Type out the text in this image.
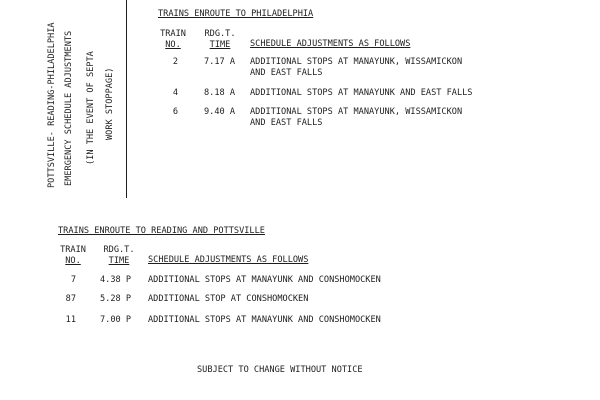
POTTSVILLE- READING-PHILADELPHIA EMERGENCY SCHEDULE ADJUSTMENTS (IN THE EVENT OF SEPTA WORK STOPPAGE)
TRAINS ENROUTE TO PHILADELPHIA
TRAIN
NO.
RDG.T.
TIME	SCHEDULE ADJUSTMENTS AS FOLLOWS
2	7.17 A ADDITIONAL STOPS AT MANAYUNK, WISSAMICKON
AND EAST FALLS
4	8.18 A ADDITIONAL STOPS AT MANAYUNK AND EAST FALLS
6	9.40 A ADDITIONAL STOPS AT MANAYUNK, WISSAMICKON
AND EAST FALLS
TRAINS ENROUTE TO READING AND POTTSVILLE
TRAIN
NO.
RDG.T.
TIME	SCHEDULE ADJUSTMENTS AS FOLLOWS
7	4.38 P ADDITIONAL STOPS AT MANAYUNK AND CONSHOMOCKEN
87	5.28 P ADDITIONAL STOP AT CONSHOMOCKEN
11	7.00 P ADDITIONAL STOPS AT MANAYUNK AND CONSHOMOCKEN
SUBJECT TO CHANGE WITHOUT NOTICE
